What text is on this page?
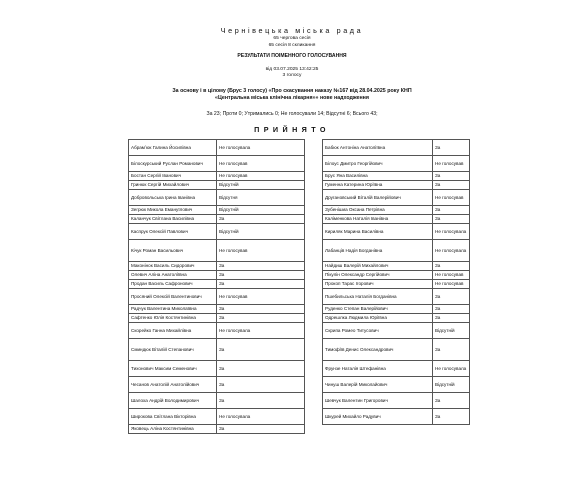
Чернівецька міська рада
65 чергова сесія
65 сесія 8 скликання
РЕЗУЛЬТАТИ ПОІМЕННОГО ГОЛОСУВАННЯ
від 03.07.2025 13:42:25
3 голосу
За основу і в цілому (Брус 3 голосу) «Про скасування наказу №167 від 28.04.2025 року КНП
«Центральна міська клінічна лікарня»» нове надходження
За 23; Проти 0; Утримались 0; Не голосували 14; Відсутні 6; Всього 43;
ПРИЙНЯТО
Абрамʼюк Галина Йосипівна	Не голосувала
Білоскурський Руслан Романович	Не голосував
Бостан Сергій Іванович	Не голосував
Гринюк Сергій Михайлович	Відсутній
Добровольська Ірина Іванівна	Відсутня
Зегрюк Микола Емануїлович	Відсутній
Каланчук Світлана Василівна	За
Каспрук Олексій Павлович	Відсутній
Кічук Роман Васильович	Не голосував
Маконінок Василь Сидорович	За
Олевич Аліна Анатоліївна	За
Продан Василь Сафронович	За
Просяний Олексій Валентинович	Не голосував
Радчук Валентина Миколаївна	За
Сафтенко Юлія Костянтинівна	За
Скорейко Ганна Михайлівна	Не голосувала
Сминдюк Віталій Степанович	За
Тихонович Максим Семенович	За
Чесанов Анатолій Анатолійович	За
Шалоха Андрій Володимирович	За
Широкова Світлана Вікторівна	Не голосувала
Яковець Аліна Костянтинівна	За
Бабюк Антоніна Анатоліївна	За
Білоус Дмитро Георгійович	Не голосував
Брус Яна Василівна	За
Гуменна Катерина Юріївна	За
Другановський Віталій Валерійович	Не голосував
Зубенішиа Оксана Петрівна	За
Каліменкова Наталія Іванівна	За
Кириляк Марина Василівна	Не голосувала
Лабанців Надія Богданівна	Не голосувала
Найдиш Валерій Михайлович	За
Пікулін Олександр Сергійович	Не голосував
Прокоп Тарас Ігорович	Не голосував
Пшебильська Наталія Богданівна	За
Руденко Степан Валерійович	За
Одрешлка Людмила Юріївна	За
Скрипа Ромео Титусович	Відсутній
Тимофіїв Денис Олександрович	За
Фрунзе Наталія Штефанівна	Не голосувала
Чинуш Валерій Миколайович	Відсутній
Шевчук Валентин Григорович	За
Шкурей Михайло Радувич	За
